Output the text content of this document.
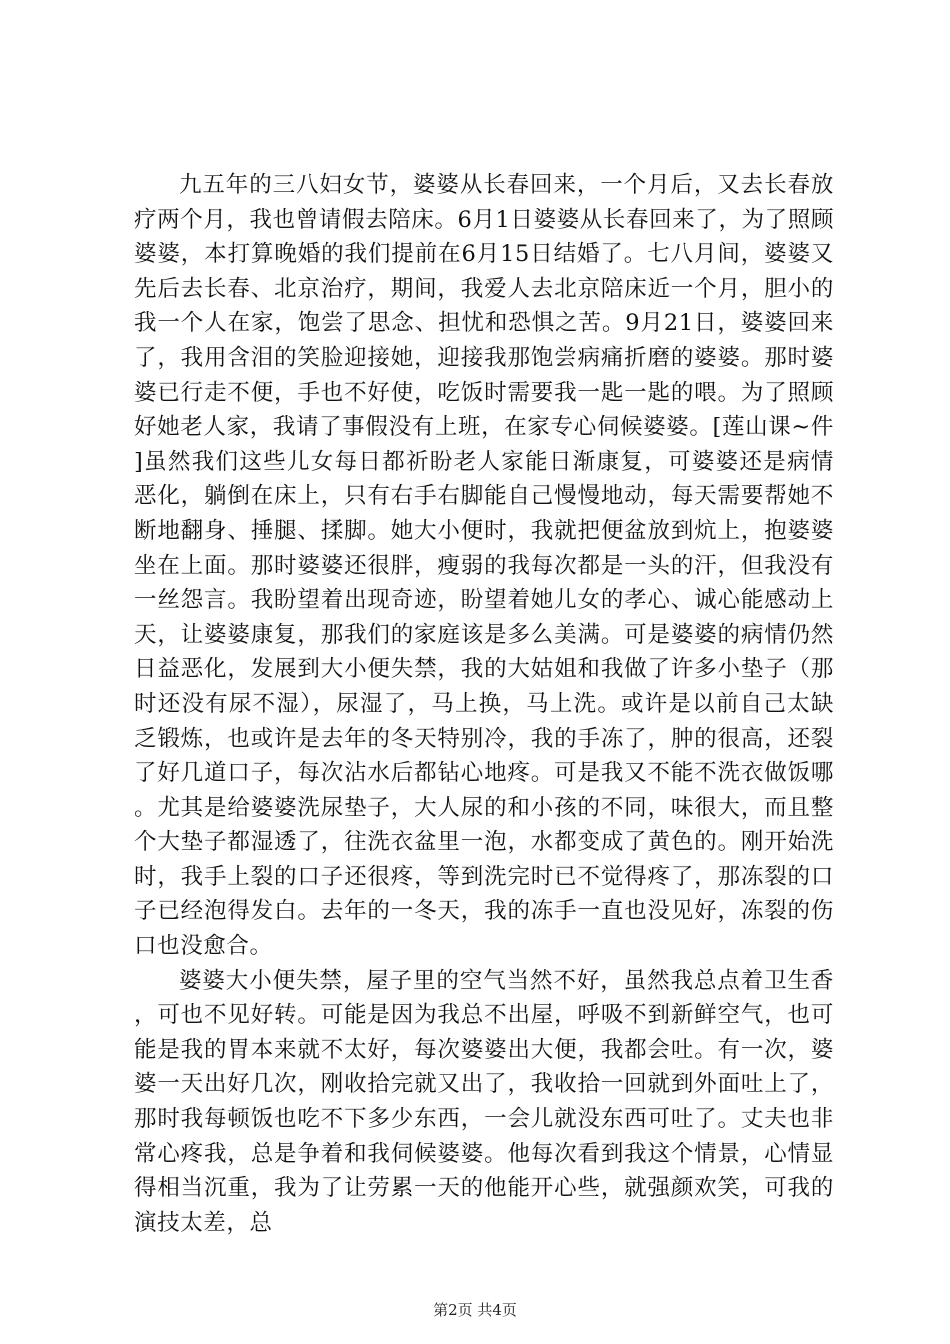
九五年的三八妇女节，婆婆从长春回来，一个月后，又去长春放疗两个月，我也曾请假去陪床。6月1日婆婆从长春回来了，为了照顾婆婆，本打算晚婚的我们提前在6月15日结婚了。七八月间，婆婆又先后去长春、北京治疗，期间，我爱人去北京陪床近一个月，胆小的我一个人在家，饱尝了思念、担忧和恐惧之苦。9月21日，婆婆回来了，我用含泪的笑脸迎接她，迎接我那饱尝病痛折磨的婆婆。那时婆婆已行走不便，手也不好使，吃饭时需要我一匙一匙的喂。为了照顾好她老人家，我请了事假没有上班，在家专心伺候婆婆。[莲山课~件]虽然我们这些儿女每日都祈盼老人家能日渐康复，可婆婆还是病情恶化，躺倒在床上，只有右手右脚能自己慢慢地动，每天需要帮她不断地翻身、捶腿、揉脚。她大小便时，我就把便盆放到炕上，抱婆婆坐在上面。那时婆婆还很胖，瘦弱的我每次都是一头的汗，但我没有一丝怨言。我盼望着出现奇迹，盼望着她儿女的孝心、诚心能感动上天，让婆婆康复，那我们的家庭该是多么美满。可是婆婆的病情仍然日益恶化，发展到大小便失禁，我的大姑姐和我做了许多小垫子（那时还没有尿不湿），尿湿了，马上换，马上洗。或许是以前自己太缺乏锻炼，也或许是去年的冬天特别冷，我的手冻了，肿的很高，还裂了好几道口子，每次沾水后都钻心地疼。可是我又不能不洗衣做饭哪。尤其是给婆婆洗尿垫子，大人尿的和小孩的不同，味很大，而且整个大垫子都湿透了，往洗衣盆里一泡，水都变成了黄色的。刚开始洗时，我手上裂的口子还很疼，等到洗完时已不觉得疼了，那冻裂的口子已经泡得发白。去年的一冬天，我的冻手一直也没见好，冻裂的伤口也没愈合。

婆婆大小便失禁，屋子里的空气当然不好，虽然我总点着卫生香，可也不见好转。可能是因为我总不出屋，呼吸不到新鲜空气，也可能是我的胃本来就不太好，每次婆婆出大便，我都会吐。有一次，婆婆一天出好几次，刚收拾完就又出了，我收拾一回就到外面吐上了，那时我每顿饭也吃不下多少东西，一会儿就没东西可吐了。丈夫也非常心疼我，总是争着和我伺候婆婆。他每次看到我这个情景，心情显得相当沉重，我为了让劳累一天的他能开心些，就强颜欢笑，可我的演技太差，总

第2页 共4页
